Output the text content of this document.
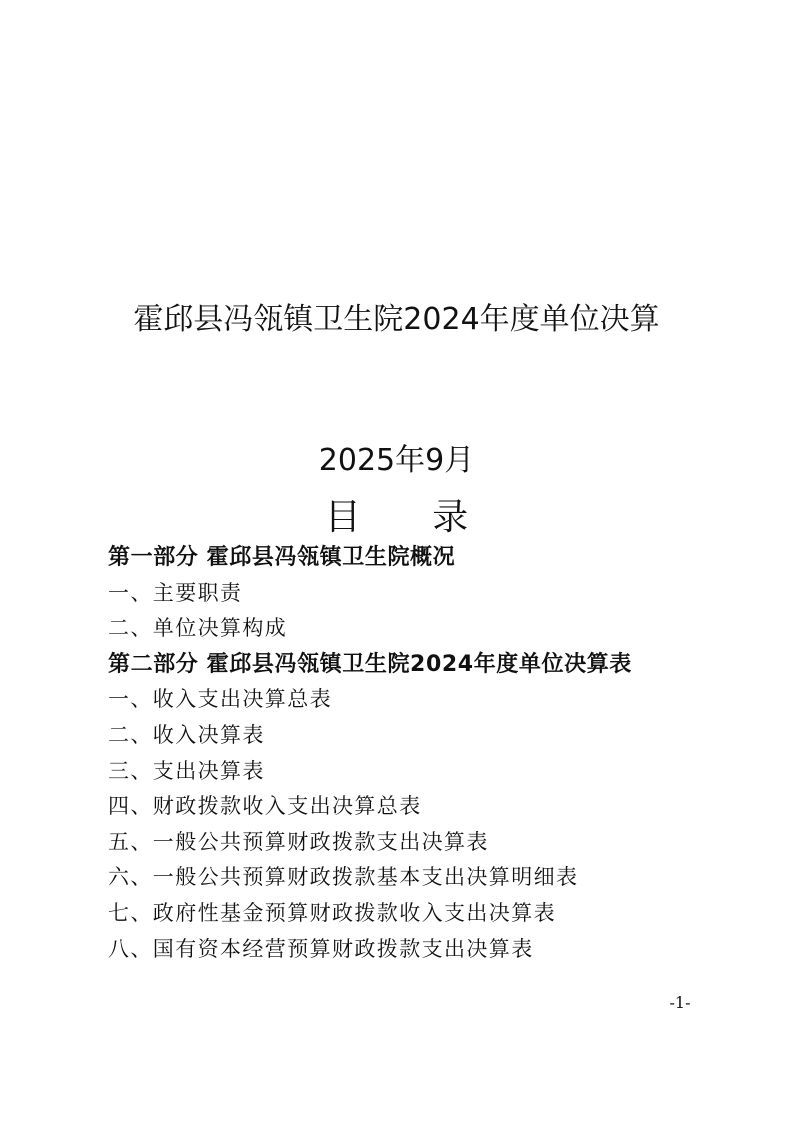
霍邱县冯瓴镇卫生院2024年度单位决算
2025年9月
目 录
第一部分 霍邱县冯瓴镇卫生院概况
一、主要职责
二、单位决算构成
第二部分 霍邱县冯瓴镇卫生院2024年度单位决算表
一、收入支出决算总表
二、收入决算表
三、支出决算表
四、财政拨款收入支出决算总表
五、一般公共预算财政拨款支出决算表
六、一般公共预算财政拨款基本支出决算明细表
七、政府性基金预算财政拨款收入支出决算表
八、国有资本经营预算财政拨款支出决算表
-1-
